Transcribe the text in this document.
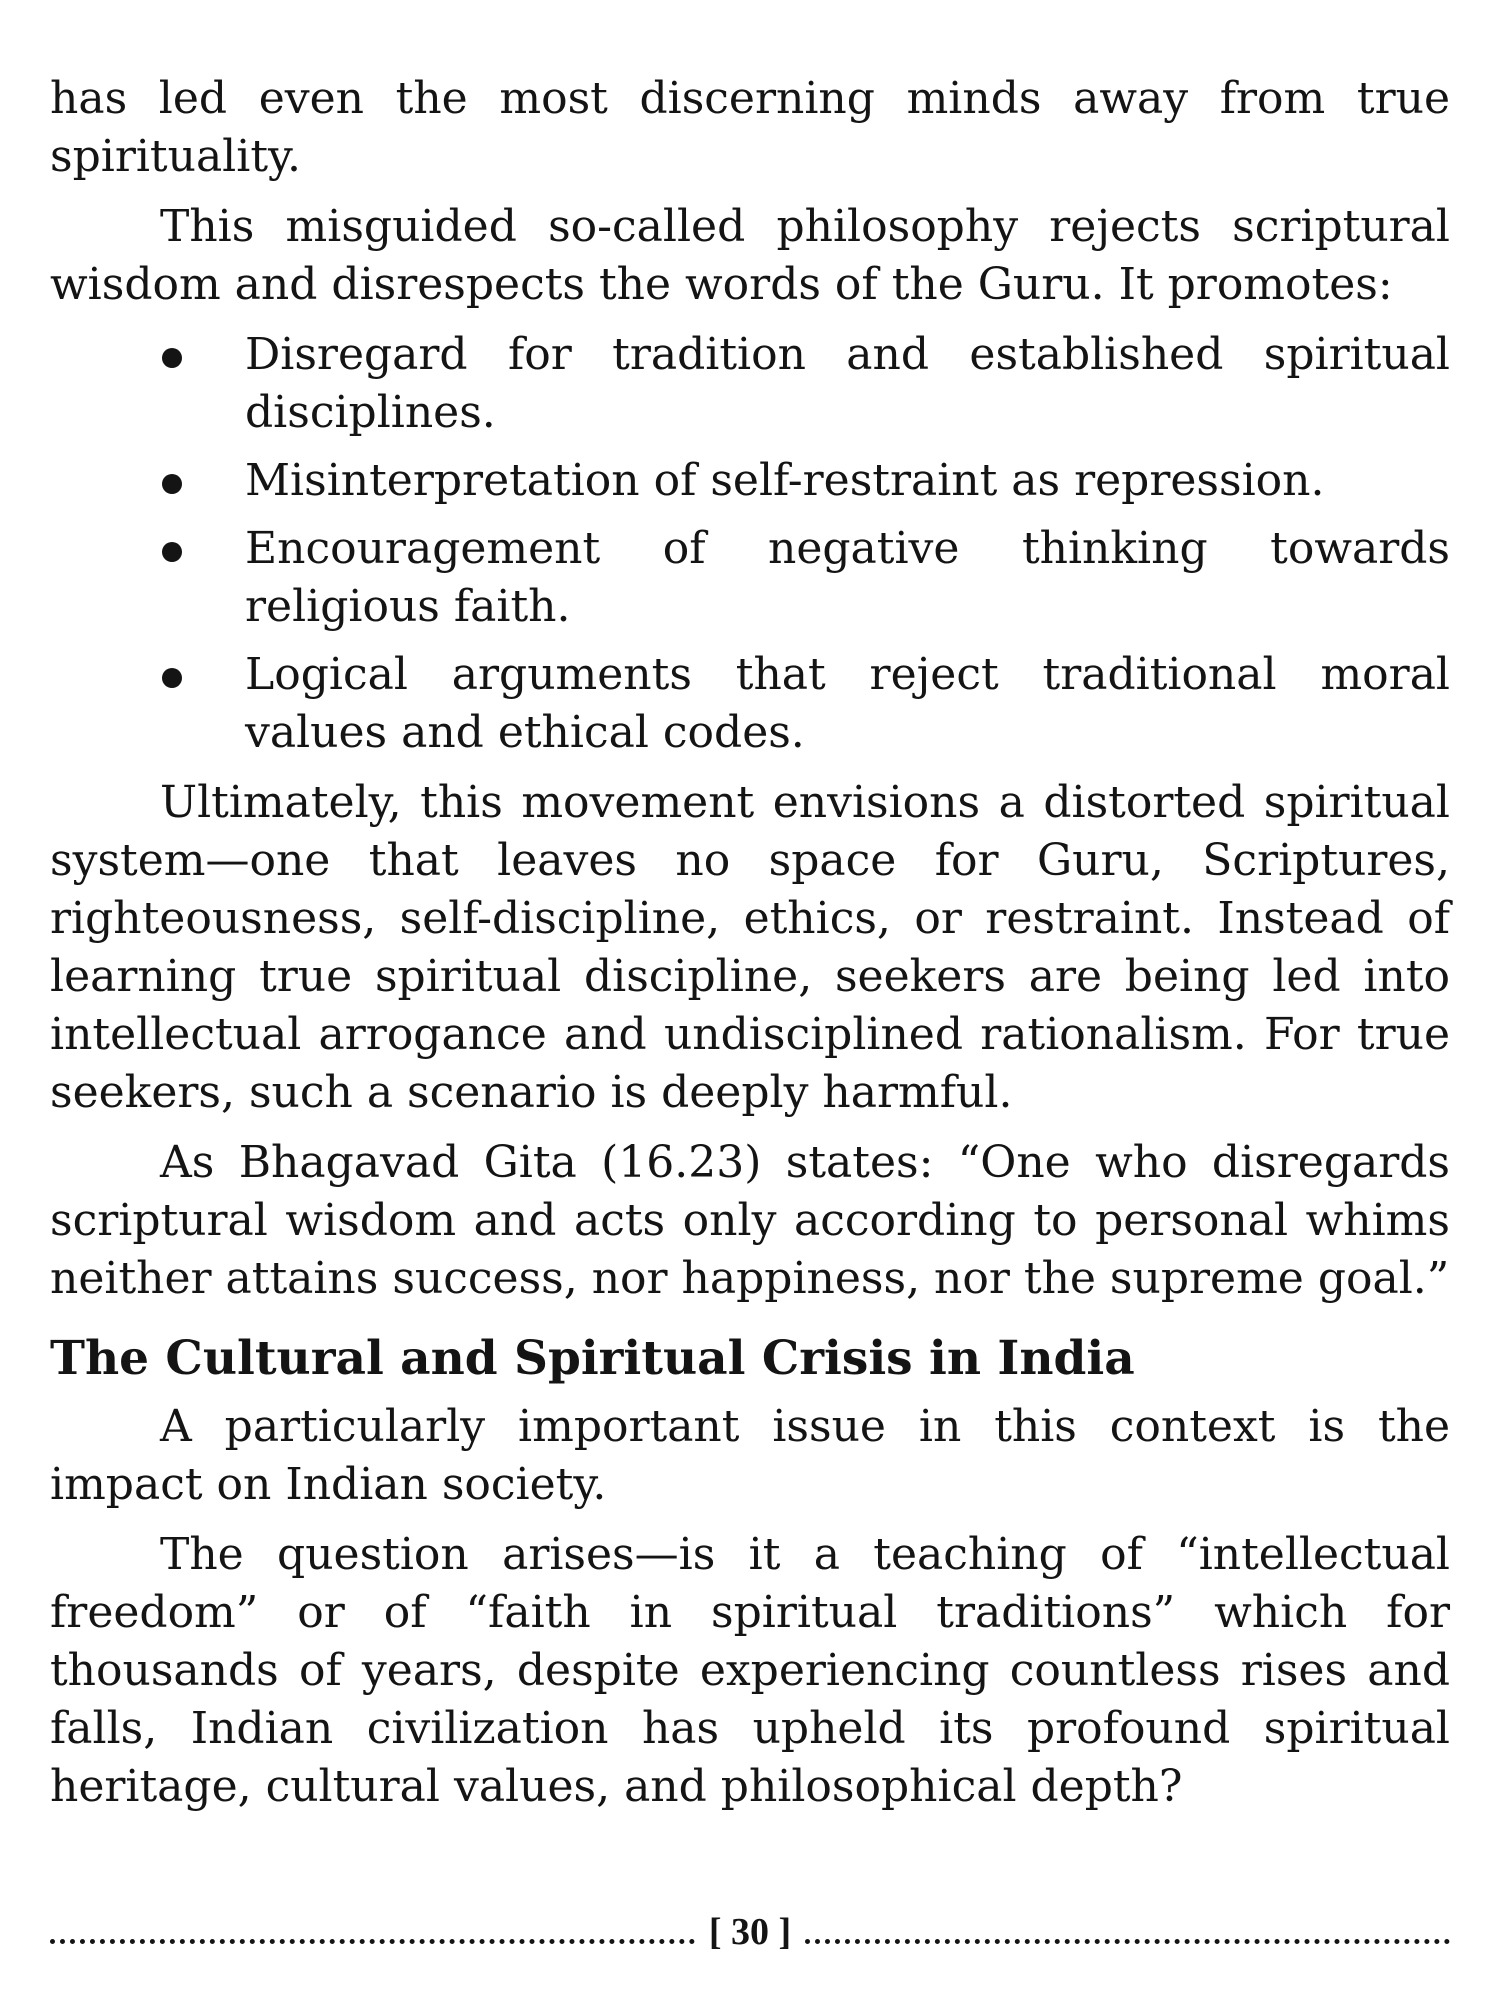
has led even the most discerning minds away from true spirituality.

This misguided so-called philosophy rejects scriptural wisdom and disrespects the words of the Guru. It promotes:

Disregard for tradition and established spiritual disciplines.
Misinterpretation of self-restraint as repression.
Encouragement of negative thinking towards religious faith.
Logical arguments that reject traditional moral values and ethical codes.

Ultimately, this movement envisions a distorted spiritual system—one that leaves no space for Guru, Scriptures, righteousness, self-discipline, ethics, or restraint. Instead of learning true spiritual discipline, seekers are being led into intellectual arrogance and undisciplined rationalism. For true seekers, such a scenario is deeply harmful.

As Bhagavad Gita (16.23) states: “One who disregards scriptural wisdom and acts only according to personal whims neither attains success, nor happiness, nor the supreme goal.”

The Cultural and Spiritual Crisis in India

A particularly important issue in this context is the impact on Indian society.

The question arises—is it a teaching of “intellectual freedom” or of “faith in spiritual traditions” which for thousands of years, despite experiencing countless rises and falls, Indian civilization has upheld its profound spiritual heritage, cultural values, and philosophical depth?

[ 30 ]
